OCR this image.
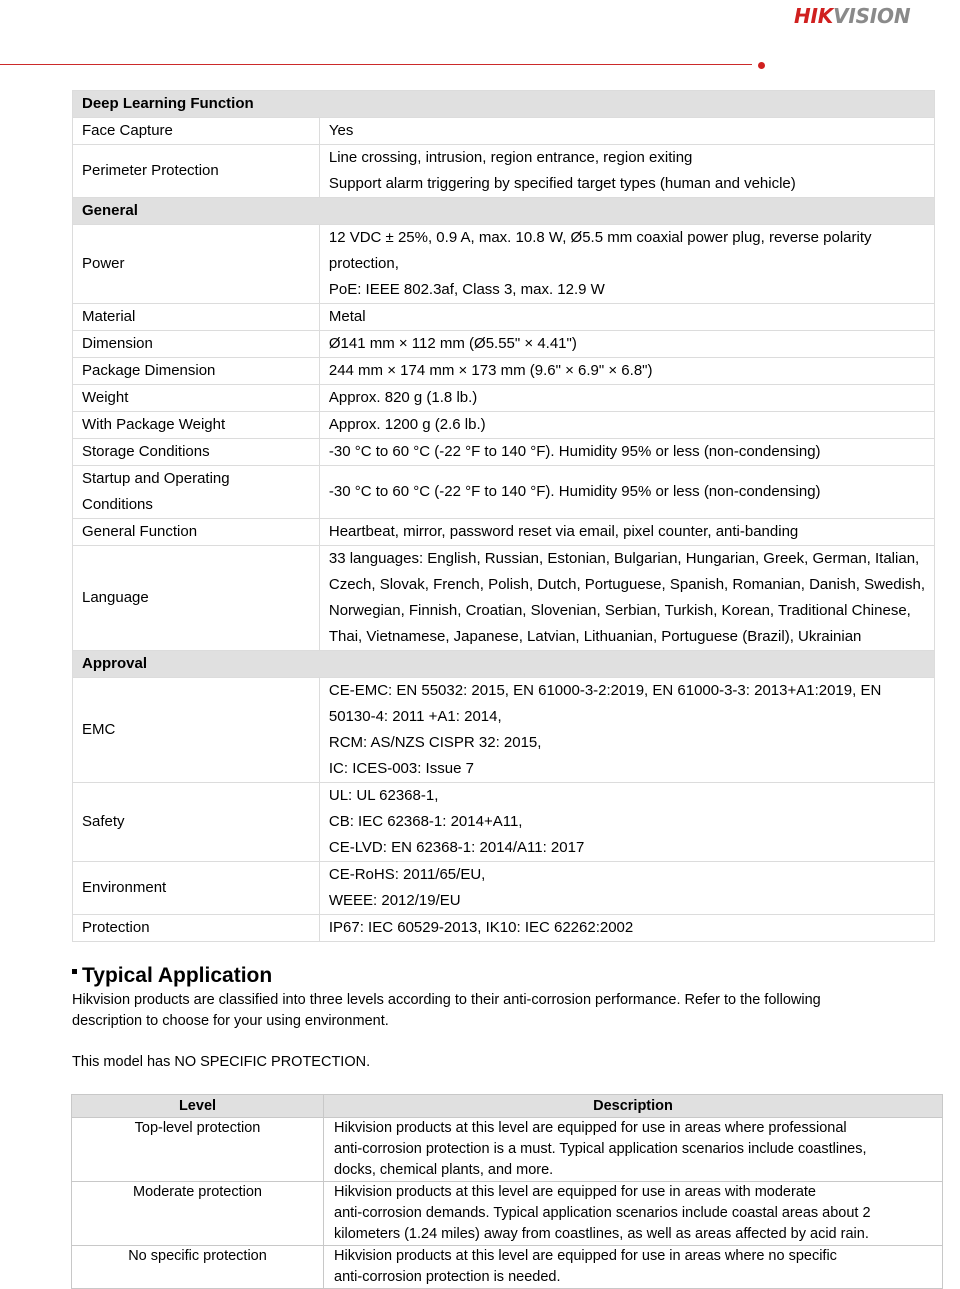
HIKVISION
Deep Learning Function	

Face Capture	Yes

Perimeter Protection	Line crossing, intrusion, region entrance, region exiting
Support alarm triggering by specified target types (human and vehicle)

General	

Power	12 VDC ± 25%, 0.9 A, max. 10.8 W, Ø5.5 mm coaxial power plug, reverse polarity
protection,
PoE: IEEE 802.3af, Class 3, max. 12.9 W

Material	Metal

Dimension	Ø141 mm × 112 mm (Ø5.55" × 4.41")

Package Dimension	244 mm × 174 mm × 173 mm (9.6" × 6.9" × 6.8")

Weight	Approx. 820 g (1.8 lb.)

With Package Weight	Approx. 1200 g (2.6 lb.)

Storage Conditions	-30 °C to 60 °C (-22 °F to 140 °F). Humidity 95% or less (non-condensing)

Startup and Operating
Conditions	-30 °C to 60 °C (-22 °F to 140 °F). Humidity 95% or less (non-condensing)

General Function	Heartbeat, mirror, password reset via email, pixel counter, anti-banding

Language	33 languages: English, Russian, Estonian, Bulgarian, Hungarian, Greek, German, Italian,
Czech, Slovak, French, Polish, Dutch, Portuguese, Spanish, Romanian, Danish, Swedish,
Norwegian, Finnish, Croatian, Slovenian, Serbian, Turkish, Korean, Traditional Chinese,
Thai, Vietnamese, Japanese, Latvian, Lithuanian, Portuguese (Brazil), Ukrainian

Approval	

EMC	CE-EMC: EN 55032: 2015, EN 61000-3-2:2019, EN 61000-3-3: 2013+A1:2019, EN
50130-4: 2011 +A1: 2014,
RCM: AS/NZS CISPR 32: 2015,
IC: ICES-003: Issue 7

Safety	UL: UL 62368-1,
CB: IEC 62368-1: 2014+A11,
CE-LVD: EN 62368-1: 2014/A11: 2017

Environment	CE-RoHS: 2011/65/EU,
WEEE: 2012/19/EU

Protection	IP67: IEC 60529-2013, IK10: IEC 62262:2002
Typical Application
Hikvision products are classified into three levels according to their anti-corrosion performance. Refer to the following
description to choose for your using environment.
This model has NO SPECIFIC PROTECTION.
Level	Description
Top-level protection	Hikvision products at this level are equipped for use in areas where professional
anti-corrosion protection is a must. Typical application scenarios include coastlines,
docks, chemical plants, and more.

Moderate protection	Hikvision products at this level are equipped for use in areas with moderate
anti-corrosion demands. Typical application scenarios include coastal areas about 2
kilometers (1.24 miles) away from coastlines, as well as areas affected by acid rain.

No specific protection	Hikvision products at this level are equipped for use in areas where no specific
anti-corrosion protection is needed.
